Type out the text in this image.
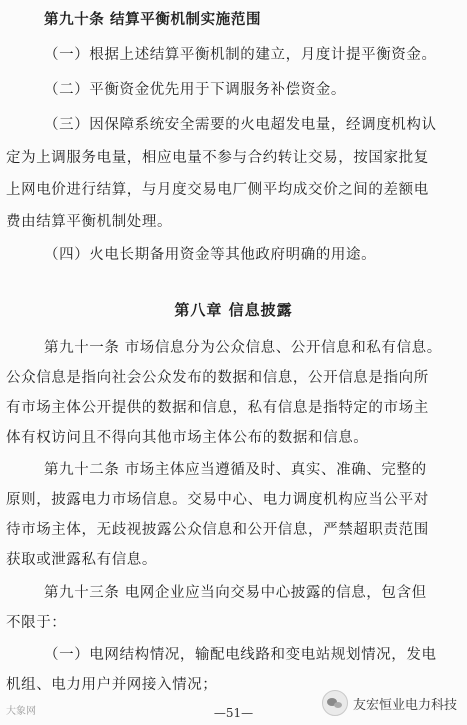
第九十条 结算平衡机制实施范围
（一）根据上述结算平衡机制的建立，月度计提平衡资金。
（二）平衡资金优先用于下调服务补偿资金。
（三）因保障系统安全需要的火电超发电量，经调度机构认
定为上调服务电量，相应电量不参与合约转让交易，按国家批复
上网电价进行结算，与月度交易电厂侧平均成交价之间的差额电
费由结算平衡机制处理。
（四）火电长期备用资金等其他政府明确的用途。
第八章 信息披露
第九十一条 市场信息分为公众信息、公开信息和私有信息。
公众信息是指向社会公众发布的数据和信息，公开信息是指向所
有市场主体公开提供的数据和信息，私有信息是指特定的市场主
体有权访问且不得向其他市场主体公布的数据和信息。
第九十二条 市场主体应当遵循及时、真实、准确、完整的
原则，披露电力市场信息。交易中心、电力调度机构应当公平对
待市场主体，无歧视披露公众信息和公开信息，严禁超职责范围
获取或泄露私有信息。
第九十三条 电网企业应当向交易中心披露的信息，包含但
不限于：
（一）电网结构情况，输配电线路和变电站规划情况，发电
机组、电力用户并网接入情况；
大象网	友宏恒业电力科技
—51—
